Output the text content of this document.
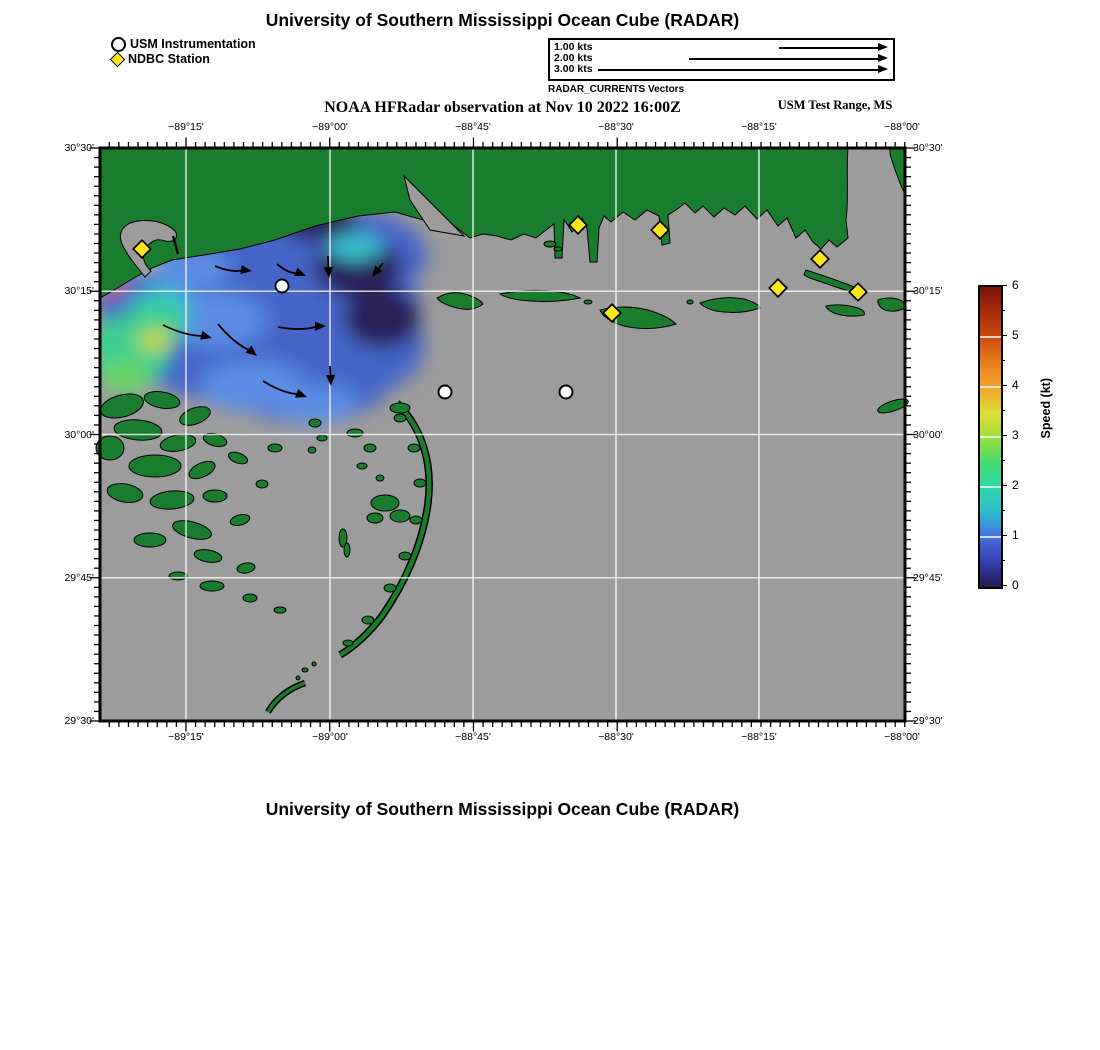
University of Southern Mississippi Ocean Cube (RADAR)
USM Instrumentation
NDBC Station
1.00 kts
2.00 kts
3.00 kts
RADAR_CURRENTS Vectors
NOAA HFRadar observation at Nov 10 2022 16:00Z	USM Test Range, MS
Speed (kt)
University of Southern Mississippi Ocean Cube (RADAR)
−89°15'
−89°15'
−89°00'
−89°00'
−88°45'
−88°45'
−88°30'
−88°30'
−88°15'
−88°15'
−88°00'
−88°00'
30°30'	30°30'
30°15'	30°15'
30°00'	30°00'
29°45'	29°45'
29°30'	29°30'
0
1
2
3
4
5
6
